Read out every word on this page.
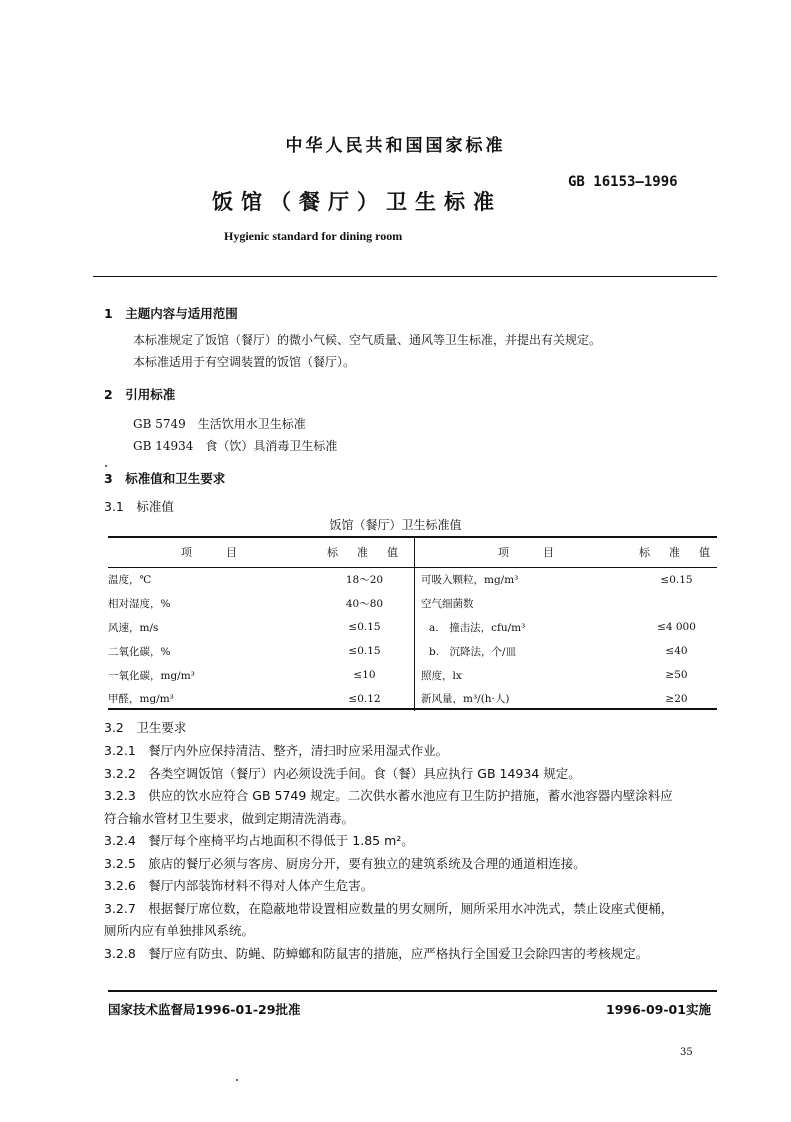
中华人民共和国国家标准
GB 16153—1996
饭馆（餐厅）卫生标准
Hygienic standard for dining room
1　主题内容与适用范围
本标准规定了饭馆（餐厅）的微小气候、空气质量、通风等卫生标准，并提出有关规定。
本标准适用于有空调装置的饭馆（餐厅）。
2　引用标准
GB 5749　生活饮用水卫生标准
GB 14934　食（饮）具消毒卫生标准
3　标准值和卫生要求
3.1　标准值
饭馆（餐厅）卫生标准值
项　　目	标　准　值	项　　目	标　准　值
温度，℃	18～20	可吸入颗粒，mg/m³	≤0.15
相对湿度，%	40～80	空气细菌数	
风速，m/s	≤0.15	a.　撞击法，cfu/m³	≤4 000
二氧化碳，%	≤0.15	b.　沉降法，个/皿	≤40
一氧化碳，mg/m³	≤10	照度，lx	≥50
甲醛，mg/m³	≤0.12	新风量，m³/(h·人)	≥20
3.2　卫生要求
3.2.1　餐厅内外应保持清洁、整齐，清扫时应采用湿式作业。
3.2.2　各类空调饭馆（餐厅）内必须设洗手间。食（餐）具应执行 GB 14934 规定。
3.2.3　供应的饮水应符合 GB 5749 规定。二次供水蓄水池应有卫生防护措施，蓄水池容器内壁涂料应
符合输水管材卫生要求，做到定期清洗消毒。
3.2.4　餐厅每个座椅平均占地面积不得低于 1.85 m²。
3.2.5　旅店的餐厅必须与客房、厨房分开，要有独立的建筑系统及合理的通道相连接。
3.2.6　餐厅内部装饰材料不得对人体产生危害。
3.2.7　根据餐厅席位数，在隐蔽地带设置相应数量的男女厕所，厕所采用水冲洗式，禁止设座式便桶，
厕所内应有单独排风系统。
3.2.8　餐厅应有防虫、防蝇、防蟑螂和防鼠害的措施，应严格执行全国爱卫会除四害的考核规定。
国家技术监督局1996-01-29批准	1996-09-01实施
35
